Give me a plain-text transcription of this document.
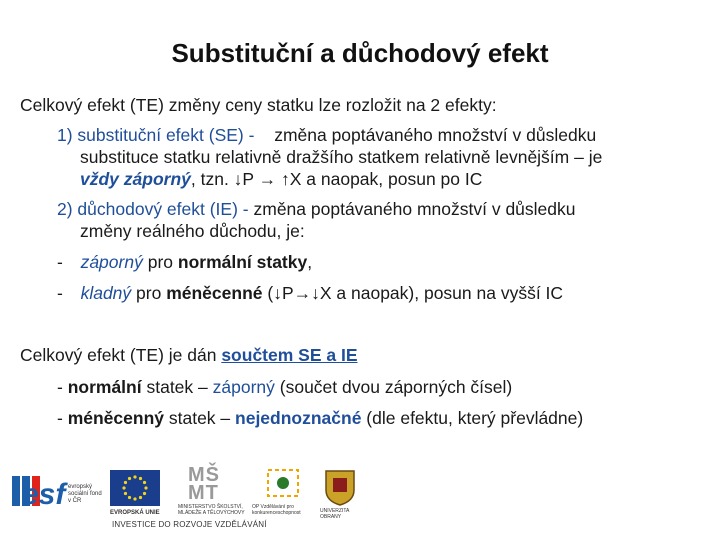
Substituční a důchodový efekt
Celkový efekt (TE) změny ceny statku lze rozložit na 2 efekty:
1) substituční efekt (SE) - změna poptávaného množství v důsledku
substituce statku relativně dražšího statkem relativně levnějším – je
vždy záporný, tzn. ↓P → ↑X a naopak, posun po IC
2) důchodový efekt (IE) - změna poptávaného množství v důsledku
změny reálného důchodu, je:
- záporný pro normální statky,
- kladný pro méněcenné (↓P→↓X a naopak), posun na vyšší IC
Celkový efekt (TE) je dán součtem SE a IE
- normální statek – záporný (součet dvou záporných čísel)
- méněcenný statek – nejednoznačné (dle efektu, který převládne)
esf evropský sociální fond v ČR
EVROPSKÁ UNIE
MŠ MT
MINISTERSTVO ŠKOLSTVÍ, MLÁDEŽE A TĚLOVÝCHOVY
OP Vzdělávání pro konkurenceschopnost	UNIVERZITA OBRANY
INVESTICE DO ROZVOJE VZDĚLÁVÁNÍ
